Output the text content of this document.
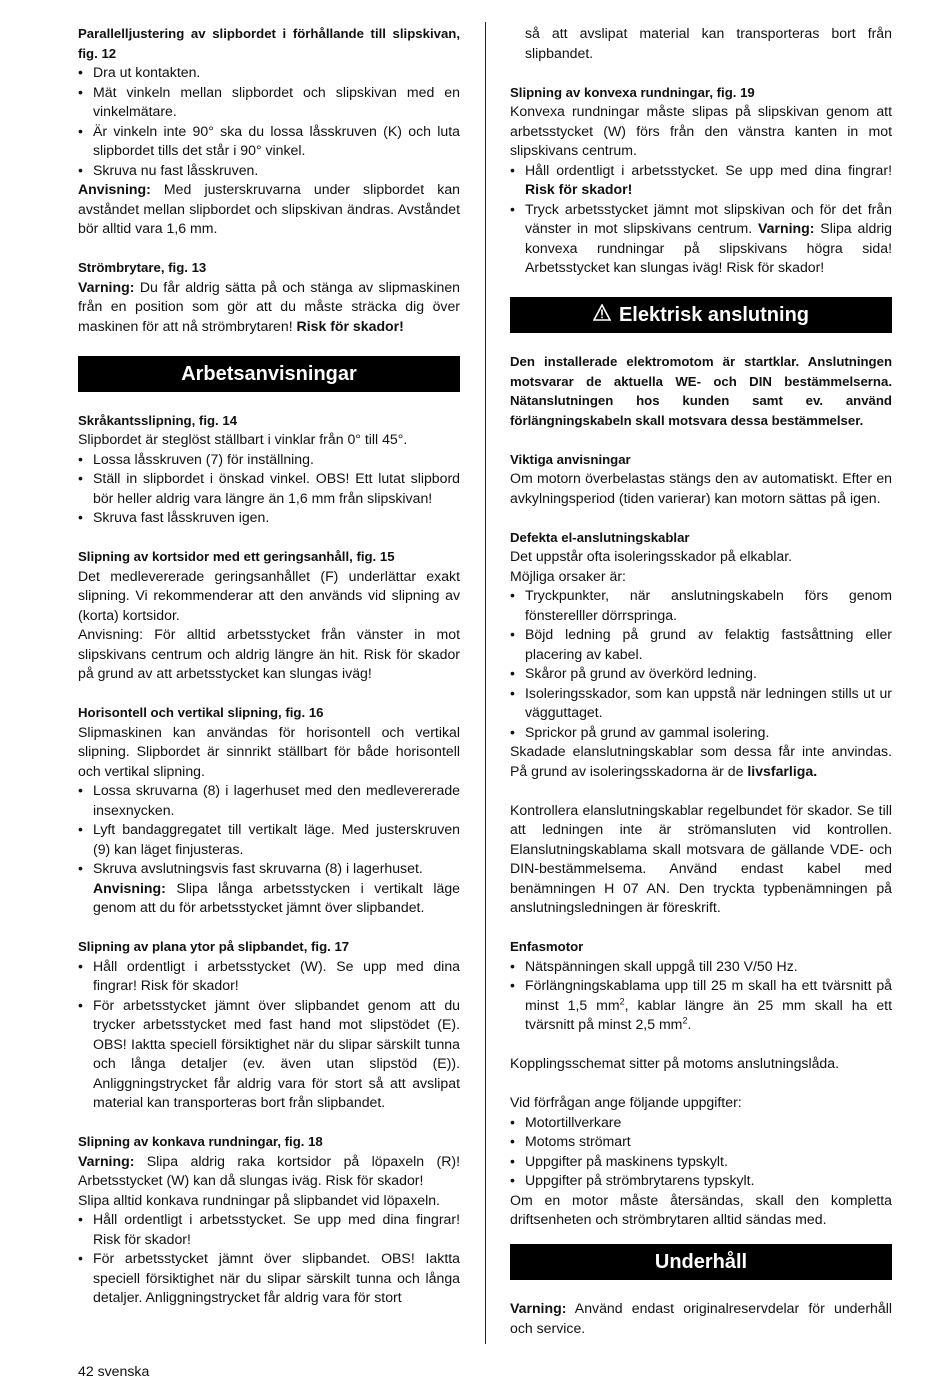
Parallelljustering av slipbordet i förhållande till slipskivan, fig. 12
• Dra ut kontakten.
• Mät vinkeln mellan slipbordet och slipskivan med en vinkelmätare.
• Är vinkeln inte 90° ska du lossa låsskruven (K) och luta slipbordet tills det står i 90° vinkel.
• Skruva nu fast låsskruven.
Anvisning: Med justerskruvarna under slipbordet kan avståndet mellan slipbordet och slipskivan ändras. Avståndet bör alltid vara 1,6 mm.
Strömbrytare, fig. 13
Varning: Du får aldrig sätta på och stänga av slipmaskinen från en position som gör att du måste sträcka dig över maskinen för att nå strömbrytaren! Risk för skador!
Arbetsanvisningar
Skråkantsslipning, fig. 14
Slipbordet är steglöst ställbart i vinklar från 0° till 45°.
• Lossa låsskruven (7) för inställning.
• Ställ in slipbordet i önskad vinkel. OBS! Ett lutat slipbord bör heller aldrig vara längre än 1,6 mm från slipskivan!
• Skruva fast låsskruven igen.
Slipning av kortsidor med ett geringsanhåll, fig. 15
Det medlevererade geringsanhållet (F) underlättar exakt slipning. Vi rekommenderar att den används vid slipning av (korta) kortsidor.
Anvisning: För alltid arbetsstycket från vänster in mot slipskivans centrum och aldrig längre än hit. Risk för skador på grund av att arbetsstycket kan slungas iväg!
Horisontell och vertikal slipning, fig. 16
Slipmaskinen kan användas för horisontell och vertikal slipning. Slipbordet är sinnrikt ställbart för både horisontell och vertikal slipning.
• Lossa skruvarna (8) i lagerhuset med den medlevererade insexnycken.
• Lyft bandaggregatet till vertikalt läge. Med justerskruven (9) kan läget finjusteras.
• Skruva avslutningsvis fast skruvarna (8) i lagerhuset.
Anvisning: Slipa långa arbetsstycken i vertikalt läge genom att du för arbetsstycket jämnt över slipbandet.
Slipning av plana ytor på slipbandet, fig. 17
• Håll ordentligt i arbetsstycket (W). Se upp med dina fingrar! Risk för skador!
• För arbetsstycket jämnt över slipbandet genom att du trycker arbetsstycket med fast hand mot slipstödet (E). OBS! Iaktta speciell försiktighet när du slipar särskilt tunna och långa detaljer (ev. även utan slipstöd (E)). Anliggningstrycket får aldrig vara för stort så att avslipat material kan transporteras bort från slipbandet.
Slipning av konkava rundningar, fig. 18
Varning: Slipa aldrig raka kortsidor på löpaxeln (R)! Arbetsstycket (W) kan då slungas iväg. Risk för skador!
Slipa alltid konkava rundningar på slipbandet vid löpaxeln.
• Håll ordentligt i arbetsstycket. Se upp med dina fingrar! Risk för skador!
• För arbetsstycket jämnt över slipbandet. OBS! Iaktta speciell försiktighet när du slipar särskilt tunna och långa detaljer. Anliggningstrycket får aldrig vara för stort
så att avslipat material kan transporteras bort från slipbandet.
Slipning av konvexa rundningar, fig. 19
Konvexa rundningar måste slipas på slipskivan genom att arbetsstycket (W) förs från den vänstra kanten in mot slipskivans centrum.
• Håll ordentligt i arbetsstycket. Se upp med dina fingrar! Risk för skador!
• Tryck arbetsstycket jämnt mot slipskivan och för det från vänster in mot slipskivans centrum. Varning: Slipa aldrig konvexa rundningar på slipskivans högra sida! Arbetsstycket kan slungas iväg! Risk för skador!
Elektrisk anslutning
Den installerade elektromotom är startklar. Anslutningen motsvarar de aktuella WE- och DIN bestämmelserna. Nätanslutningen hos kunden samt ev. använd förlängningskabeln skall motsvara dessa bestämmelser.
Viktiga anvisningar
Om motorn överbelastas stängs den av automatiskt. Efter en avkylningsperiod (tiden varierar) kan motorn sättas på igen.
Defekta el-anslutningskablar
Det uppstår ofta isoleringsskador på elkablar.
Möjliga orsaker är:
• Tryckpunkter, när anslutningskabeln förs genom fönsterelller dörrspringa.
• Böjd ledning på grund av felaktig fastsåttning eller placering av kabel.
• Skåror på grund av överkörd ledning.
• Isoleringsskador, som kan uppstå när ledningen stills ut ur vägguttaget.
• Sprickor på grund av gammal isolering.
Skadade elanslutningskablar som dessa får inte anvindas. På grund av isoleringsskadorna är de livsfarliga.
Kontrollera elanslutningskablar regelbundet för skador. Se till att ledningen inte är strömansluten vid kontrollen. Elanslutningskablama skall motsvara de gällande VDE- och DIN-bestämmelsema. Använd endast kabel med benämningen H 07 AN. Den tryckta typbenämningen på anslutningsledningen är föreskrift.
Enfasmotor
• Nätspänningen skall uppgå till 230 V/50 Hz.
• Förlängningskablama upp till 25 m skall ha ett tvärsnitt på minst 1,5 $mm^2$, kablar längre än 25 mm skall ha ett tvärsnitt på minst 2,5 $mm^2$.
Kopplingsschemat sitter på motoms anslutningslåda.
Vid förfrågan ange följande uppgifter:
• Motortillverkare
• Motoms strömart
• Uppgifter på maskinens typskylt.
• Uppgifter på strömbrytarens typskylt.
Om en motor måste återsändas, skall den kompletta driftsenheten och strömbrytaren alltid sändas med.
Underhåll
Varning: Använd endast originalreservdelar för underhåll och service.
42 svenska
